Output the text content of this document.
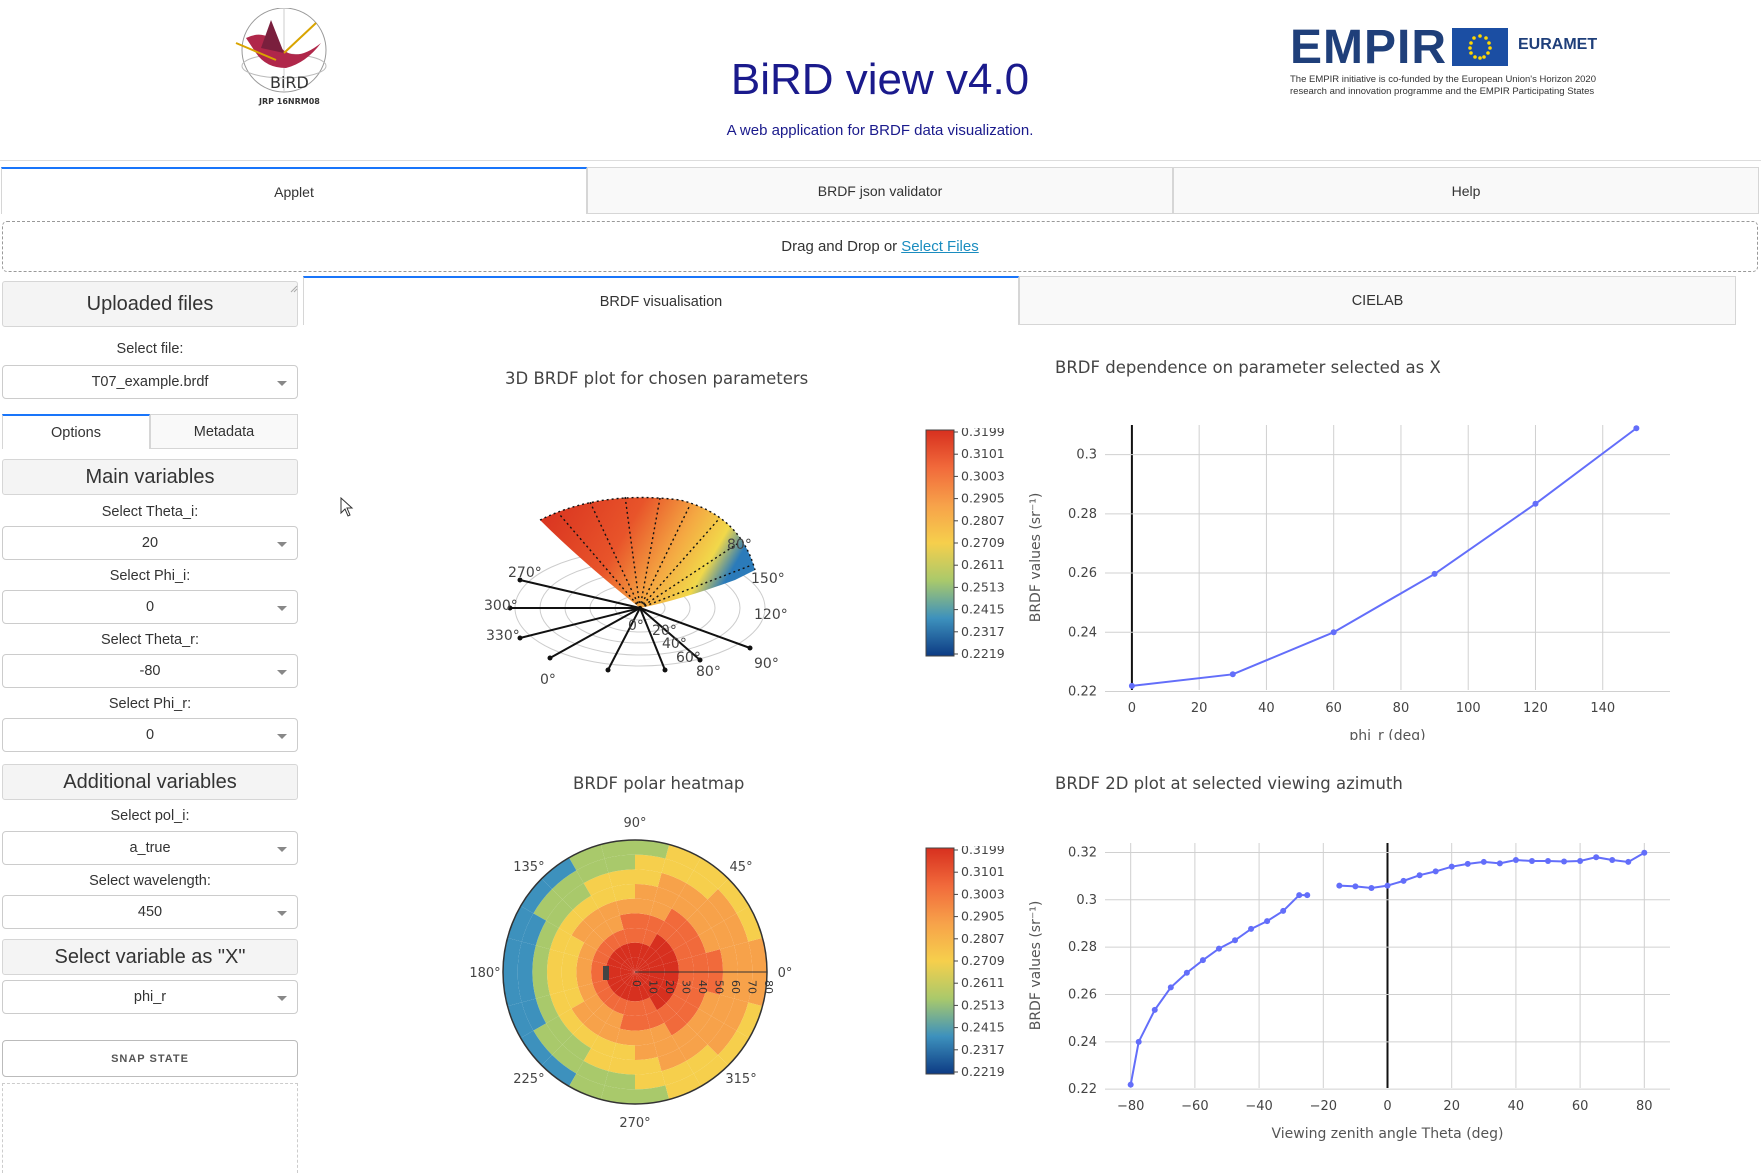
BiRD
JRP 16NRM08	BiRD view v4.0
A web application for BRDF data visualization.
EMPIR	EURAMET
The EMPIR initiative is co-funded by the European Union's Horizon 2020 research and innovation programme and the EMPIR Participating States
Applet	BRDF json validator	Help
Drag and Drop or Select Files
Uploaded files
Select file:
T07_example.brdf
Options	Metadata
Main variables
Select Theta_i:
20
Select Phi_i:
0
Select Theta_r:
-80
Select Phi_r:
0
Additional variables
Select pol_i:
a_true
Select wavelength:
450
Select variable as "X"
phi_r
SNAP STATE
BRDF visualisation	CIELAB
3D BRDF plot for chosen parameters
270°
300°
330°
0°
0° 20°
40°
60°
80° 90°
120°
150°
80°
0.3199
0.3101
0.3003
0.2905
0.2807
0.2709
0.2611
0.2513
0.2415
0.2317
0.2219
0.3199
0.3101
0.3003
0.2905
0.2807
0.2709
0.2611
0.2513
0.2415
0.2317
0.2219
BRDF dependence on parameter selected as X
0	20	40	60	80	100	120	140
0.22
0.24
0.26
0.28
0.3
phi_r (deg)
BRDF values (sr⁻¹)
BRDF polar heatmap
0 10 20 30 40 50 60 70 80
90°
45°
0°
315°
270°
225°
180°
135°
BRDF 2D plot at selected viewing azimuth
−80	−60	−40	−20	0	20	40	60	80
0.22
0.24
0.26
0.28
0.3
0.32
Viewing zenith angle Theta (deg)
BRDF values (sr⁻¹)
